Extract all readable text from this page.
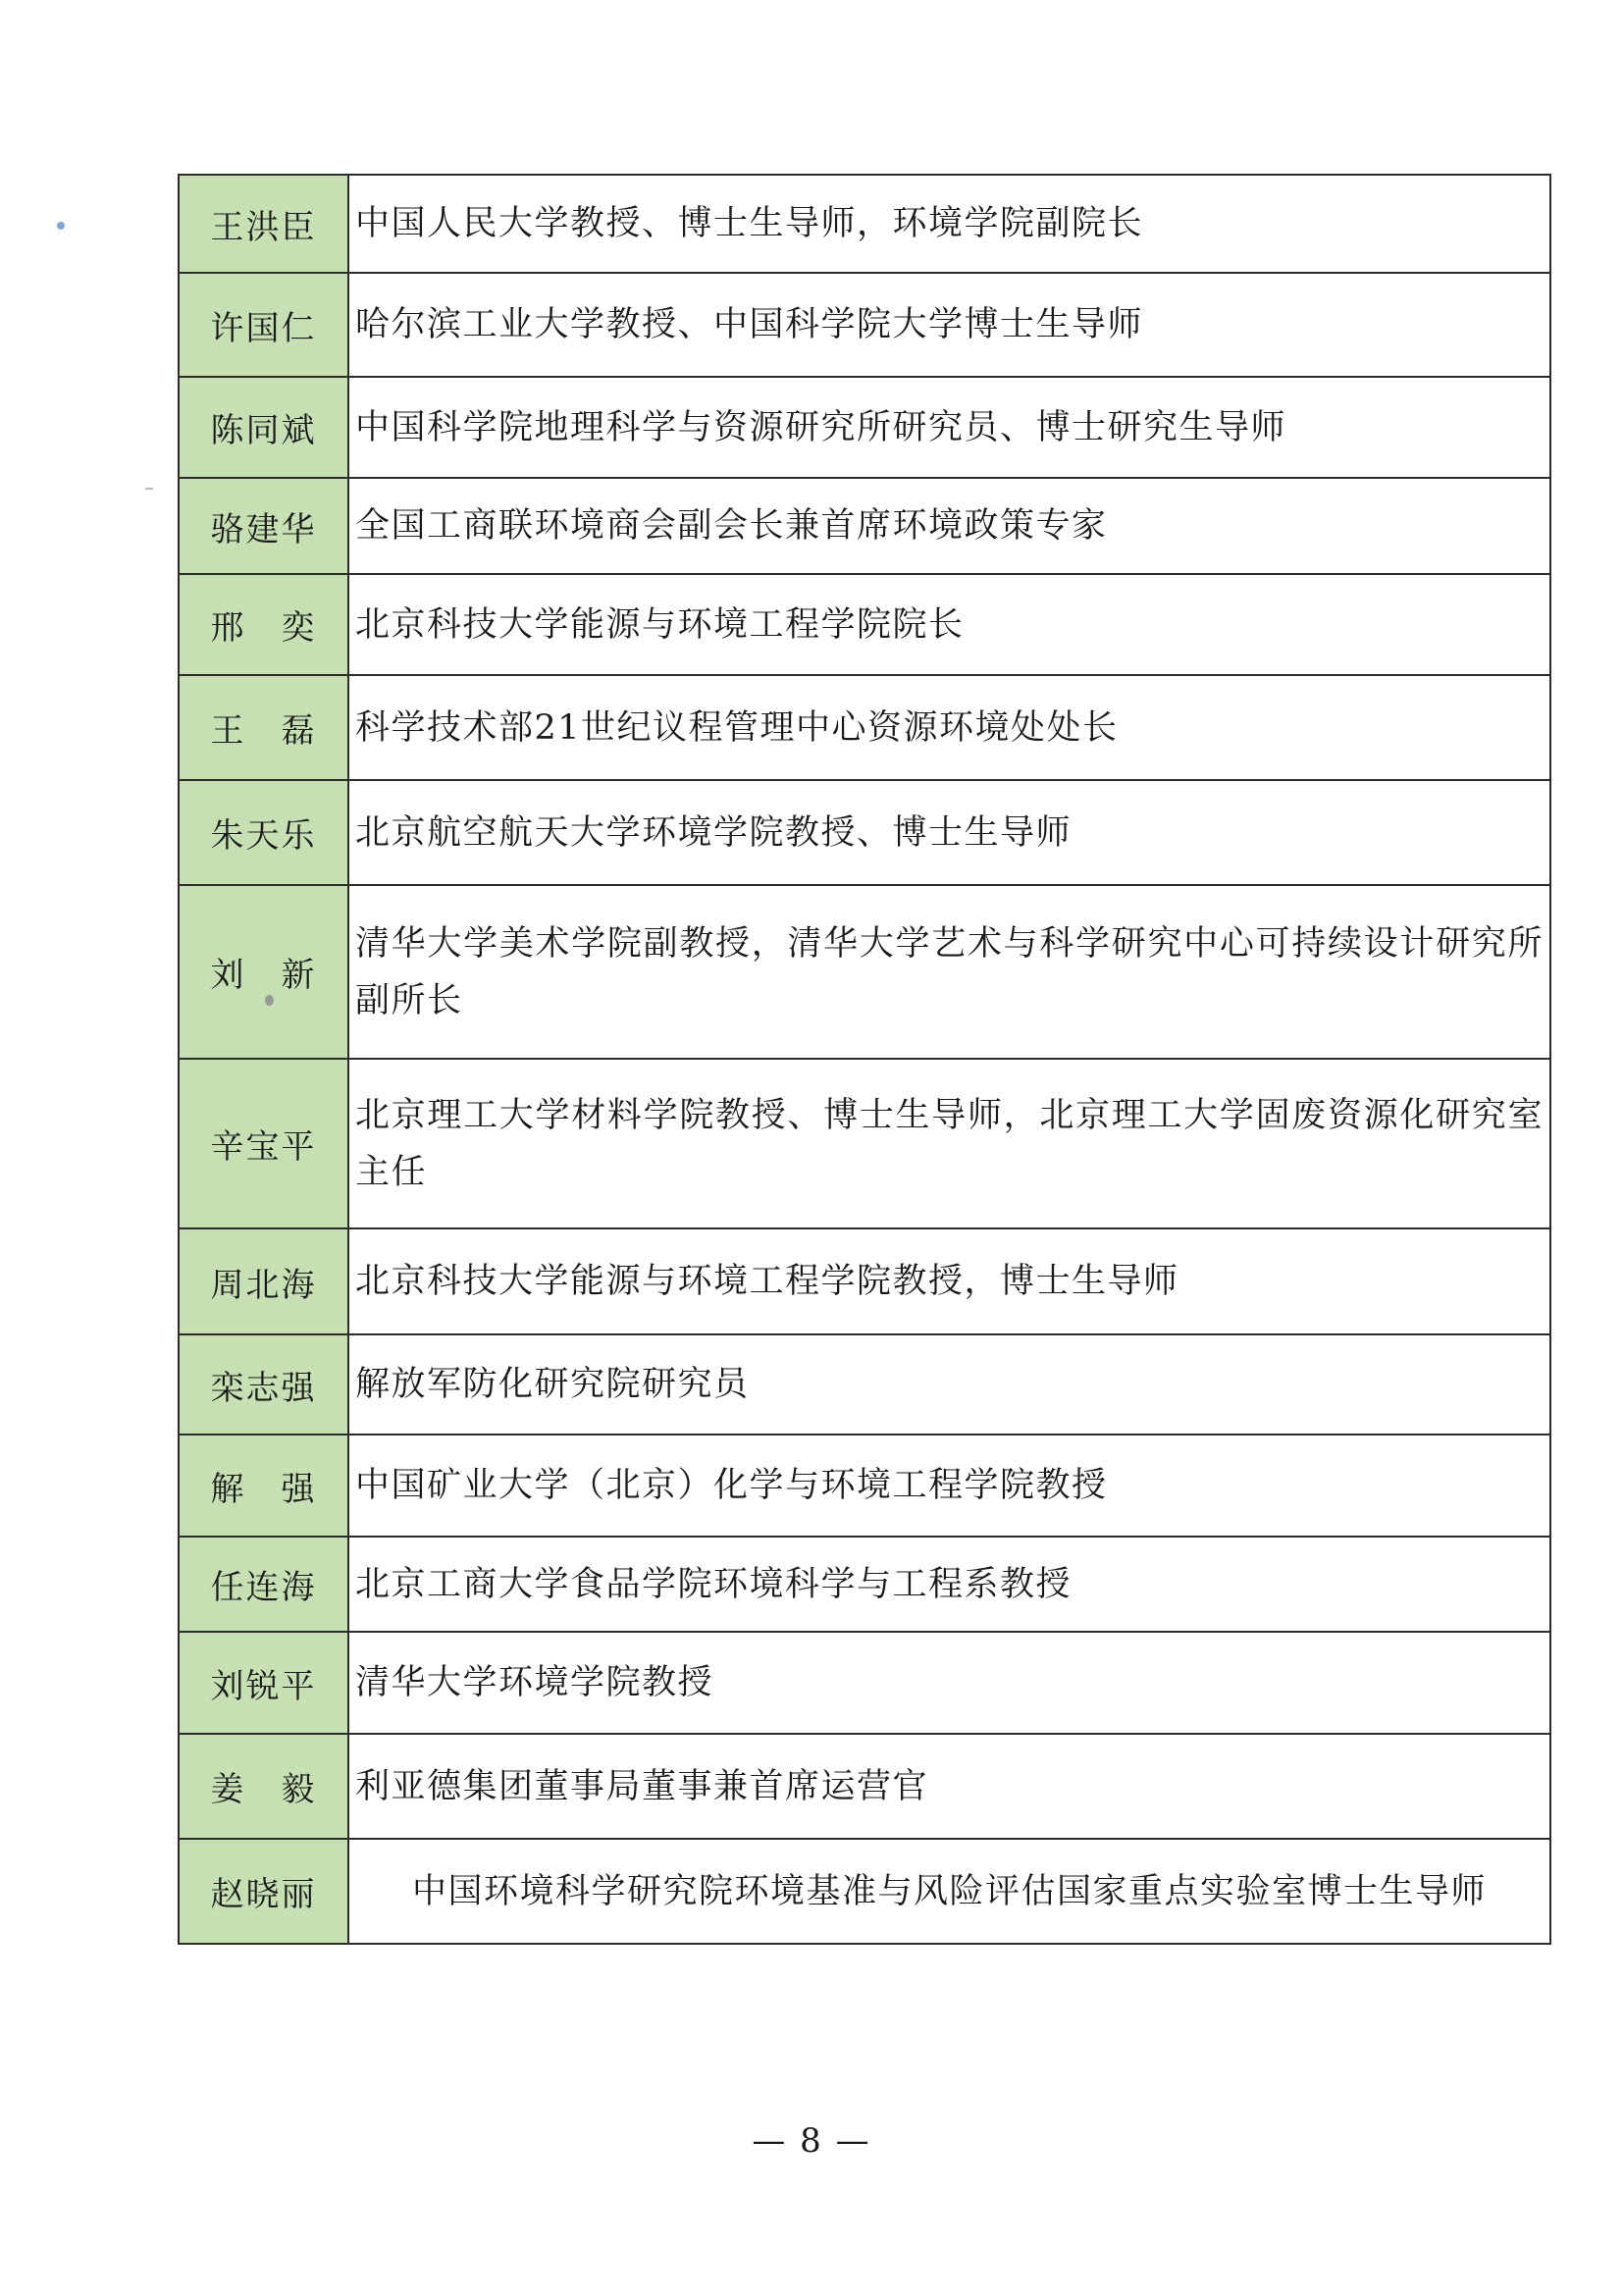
王洪臣	中国人民大学教授、博士生导师，环境学院副院长
许国仁	哈尔滨工业大学教授、中国科学院大学博士生导师
陈同斌	中国科学院地理科学与资源研究所研究员、博士研究生导师
骆建华	全国工商联环境商会副会长兼首席环境政策专家
邢　奕	北京科技大学能源与环境工程学院院长
王　磊	科学技术部21世纪议程管理中心资源环境处处长
朱天乐	北京航空航天大学环境学院教授、博士生导师
刘　新	清华大学美术学院副教授，清华大学艺术与科学研究中心可持续设计研究所副所长
辛宝平	北京理工大学材料学院教授、博士生导师，北京理工大学固废资源化研究室主任
周北海	北京科技大学能源与环境工程学院教授，博士生导师
栾志强	解放军防化研究院研究员
解　强	中国矿业大学（北京）化学与环境工程学院教授
任连海	北京工商大学食品学院环境科学与工程系教授
刘锐平	清华大学环境学院教授
姜　毅	利亚德集团董事局董事兼首席运营官
赵晓丽	中国环境科学研究院环境基准与风险评估国家重点实验室博士生导师
— 8 —
